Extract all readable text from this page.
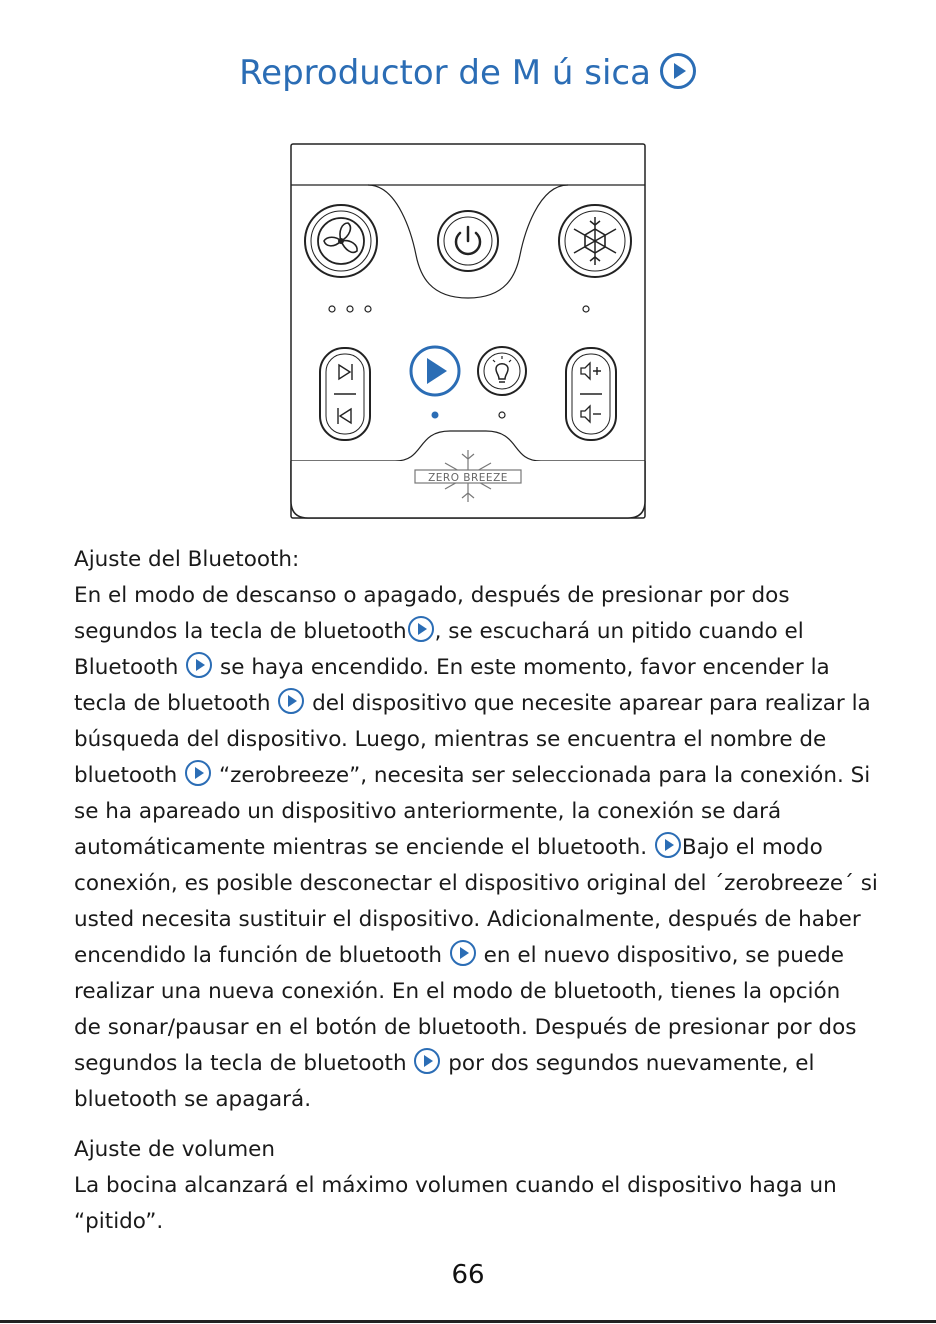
Reproductor de M ú sica
ZERO BREEZE
Ajuste del Bluetooth:
En el modo de descanso o apagado, después de presionar por dos
segundos la tecla de bluetooth , se escuchará un pitido cuando el
Bluetooth
se haya encendido. En este momento, favor encender la
tecla de bluetooth
del dispositivo que necesite aparear para realizar la
búsqueda del dispositivo. Luego, mientras se encuentra el nombre de
bluetooth
“zerobreeze”, necesita ser seleccionada para la conexión. Si
se ha apareado un dispositivo anteriormente, la conexión se dará
automáticamente mientras se enciende el bluetooth.
Bajo el modo
conexión, es posible desconectar el dispositivo original del ´zerobreeze´ si
usted necesita sustituir el dispositivo. Adicionalmente, después de haber
encendido la función de bluetooth
en el nuevo dispositivo, se puede
realizar una nueva conexión. En el modo de bluetooth, tienes la opción
de sonar/pausar en el botón de bluetooth. Después de presionar por dos
segundos la tecla de bluetooth
por dos segundos nuevamente, el
bluetooth se apagará.
Ajuste de volumen
La bocina alcanzará el máximo volumen cuando el dispositivo haga un
“pitido”.
66
